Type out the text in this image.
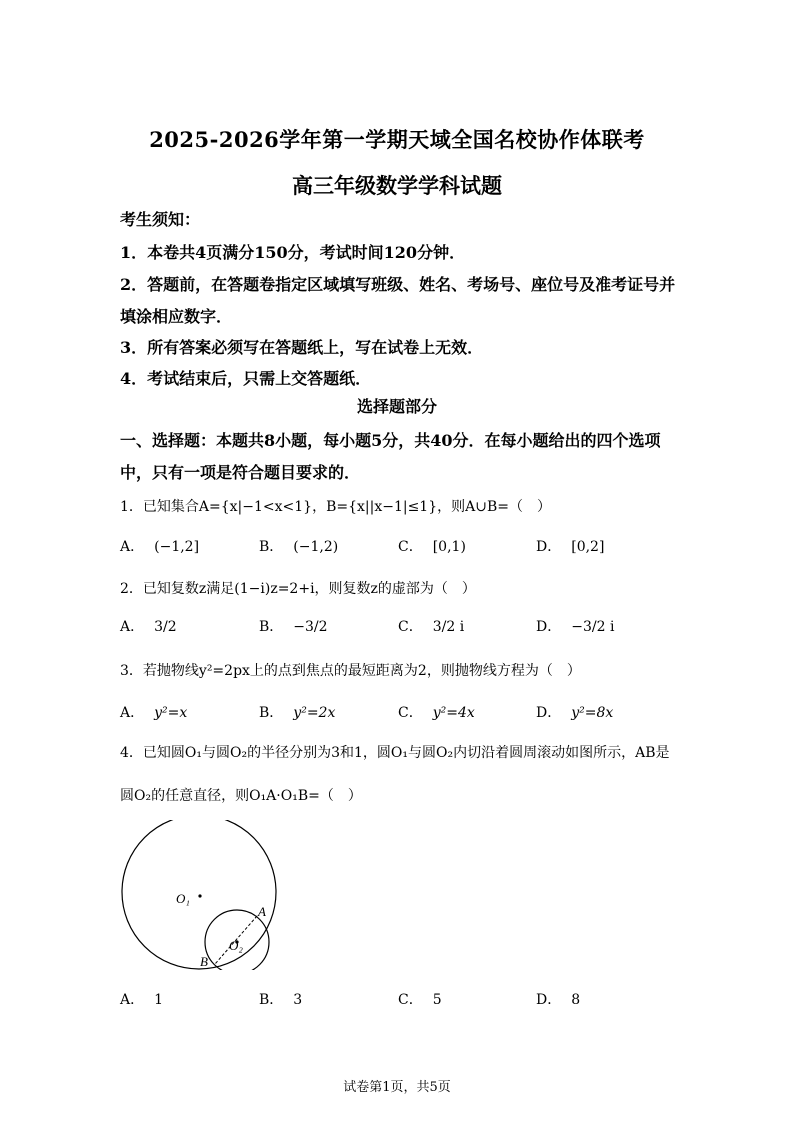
2025-2026学年第一学期天域全国名校协作体联考
高三年级数学学科试题
考生须知：
1．本卷共4页满分150分，考试时间120分钟．
2．答题前，在答题卷指定区域填写班级、姓名、考场号、座位号及准考证号并
填涂相应数字．
3．所有答案必须写在答题纸上，写在试卷上无效．
4．考试结束后，只需上交答题纸．
选择题部分
一、选择题：本题共8小题，每小题5分，共40分．在每小题给出的四个选项
中，只有一项是符合题目要求的．
1．已知集合A={x|−1<x<1}，B={x||x−1|≤1}，则A∪B=（　）
A． (−1,2]	B． (−1,2)	C． [0,1)	D． [0,2]
2．已知复数z满足(1−i)z=2+i，则复数z的虚部为（　）
A． 3/2	B． −3/2	C． 3/2 i	D． −3/2 i
3．若抛物线y²=2px上的点到焦点的最短距离为2，则抛物线方程为（　）
A． y²=x	B． y²=2x	C． y²=4x	D． y²=8x
4．已知圆O₁与圆O₂的半径分别为3和1，圆O₁与圆O₂内切沿着圆周滚动如图所示，AB是
圆O₂的任意直径，则O₁A·O₁B=（　）
O₁
O₂
A
B
A． 1	B． 3	C． 5	D． 8
试卷第1页，共5页
